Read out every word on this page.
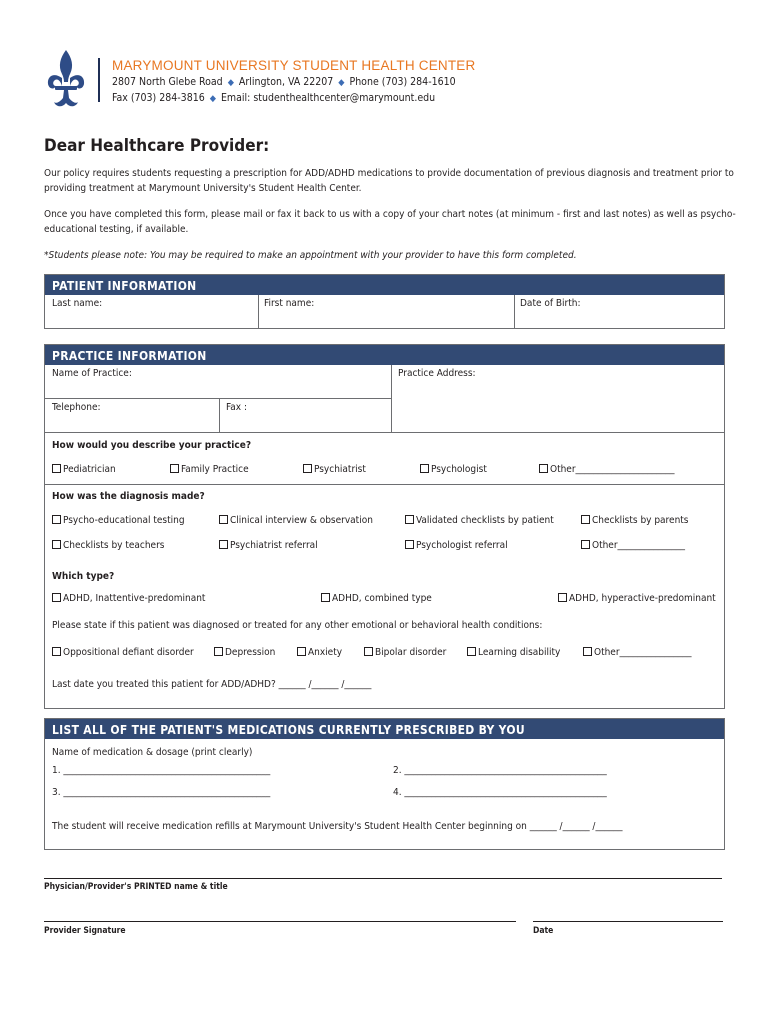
MARYMOUNT UNIVERSITY STUDENT HEALTH CENTER
2807 North Glebe Road ◆ Arlington, VA 22207 ◆ Phone (703) 284-1610
Fax (703) 284-3816 ◆ Email: studenthealthcenter@marymount.edu
Dear Healthcare Provider:
Our policy requires students requesting a prescription for ADD/ADHD medications to provide documentation of previous diagnosis and treatment prior to providing treatment at Marymount University's Student Health Center.
Once you have completed this form, please mail or fax it back to us with a copy of your chart notes (at minimum - first and last notes) as well as psycho-educational testing, if available.
*Students please note: You may be required to make an appointment with your provider to have this form completed.
PATIENT INFORMATION
Last name:	First name:	Date of Birth:
PRACTICE INFORMATION
Name of Practice:	Practice Address:
Telephone:	Fax :
How would you describe your practice?
Pediatrician	Family Practice	Psychiatrist	Psychologist	Other______________________
How was the diagnosis made?
Psycho-educational testing	Clinical interview & observation	Validated checklists by patient	Checklists by parents
Checklists by teachers	Psychiatrist referral	Psychologist referral	Other_______________
Which type?
ADHD, Inattentive-predominant	ADHD, combined type	ADHD, hyperactive-predominant
Please state if this patient was diagnosed or treated for any other emotional or behavioral health conditions:
Oppositional defiant disorder	Depression	Anxiety	Bipolar disorder	Learning disability	Other________________
Last date you treated this patient for ADD/ADHD? ______ /______ /______
LIST ALL OF THE PATIENT'S MEDICATIONS CURRENTLY PRESCRIBED BY YOU
Name of medication & dosage (print clearly)
1. ______________________________________________	2. _____________________________________________
3. ______________________________________________	4. _____________________________________________
The student will receive medication refills at Marymount University's Student Health Center beginning on ______ /______ /______
Physician/Provider's PRINTED name & title
Provider Signature	Date
